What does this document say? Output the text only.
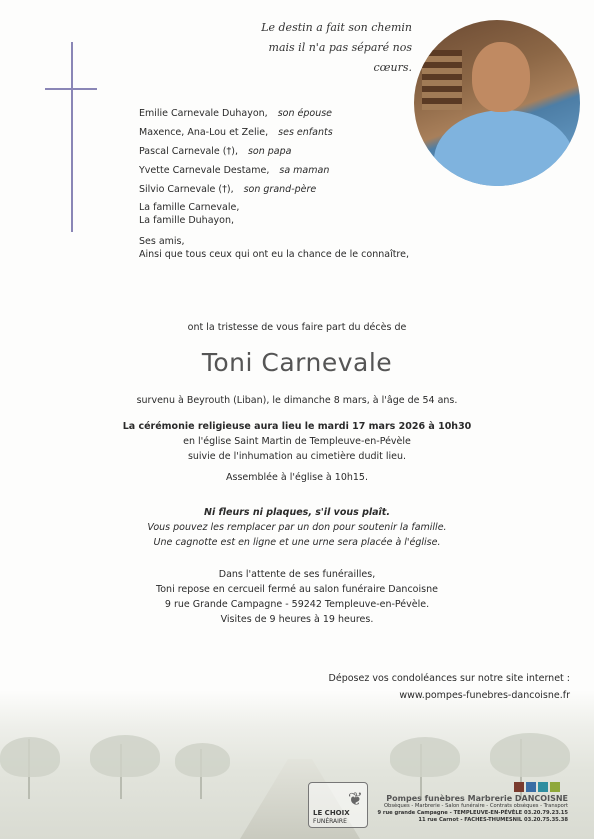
Le destin a fait son chemin
mais il n'a pas séparé nos cœurs.
Emilie Carnevale Duhayon, son épouse
Maxence, Ana-Lou et Zelie, ses enfants
Pascal Carnevale (†), son papa
Yvette Carnevale Destame, sa maman
Silvio Carnevale (†), son grand-père
La famille Carnevale,
La famille Duhayon,
Ses amis,
Ainsi que tous ceux qui ont eu la chance de le connaître,
ont la tristesse de vous faire part du décès de
Toni Carnevale
survenu à Beyrouth (Liban), le dimanche 8 mars, à l'âge de 54 ans.
La cérémonie religieuse aura lieu le mardi 17 mars 2026 à 10h30
en l'église Saint Martin de Templeuve-en-Pévèle
suivie de l'inhumation au cimetière dudit lieu.
Assemblée à l'église à 10h15.
Ni fleurs ni plaques, s'il vous plaît.
Vous pouvez les remplacer par un don pour soutenir la famille.
Une cagnotte est en ligne et une urne sera placée à l'église.
Dans l'attente de ses funérailles,
Toni repose en cercueil fermé au salon funéraire Dancoisne
9 rue Grande Campagne - 59242 Templeuve-en-Pévèle.
Visites de 9 heures à 19 heures.
Déposez vos condoléances sur notre site internet :
www.pompes-funebres-dancoisne.fr
❦
LE CHOIX
FUNÉRAIRE
Pompes funèbres Marbrerie DANCOISNE
Obsèques - Marbrerie - Salon funéraire - Contrats obsèques - Transport
9 rue grande Campagne - TEMPLEUVE-EN-PÉVÈLE 03.20.79.23.15
11 rue Carnot - FACHES-THUMESNIL 03.20.75.35.38
